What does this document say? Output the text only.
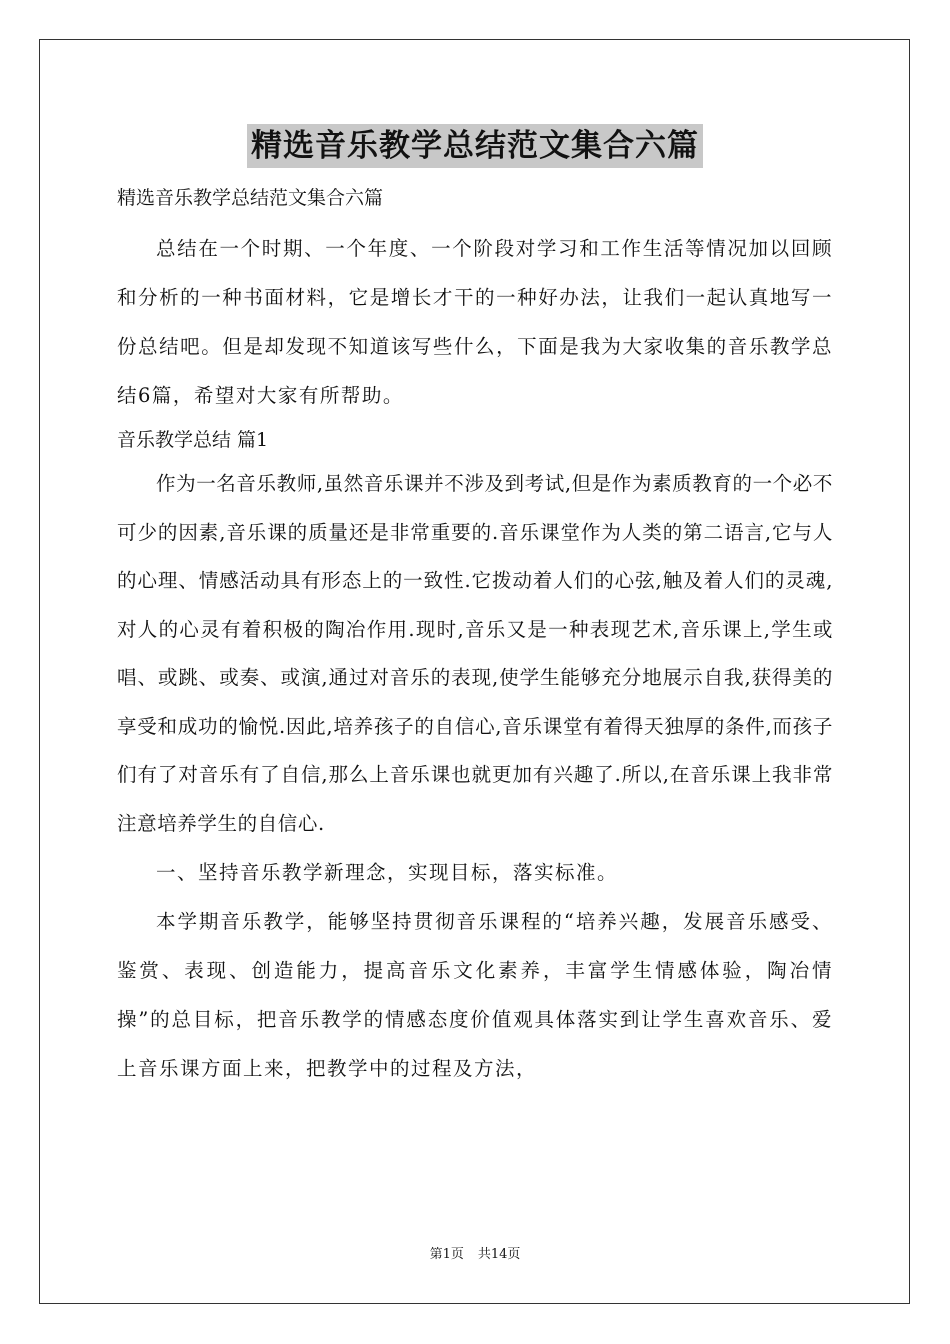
精选音乐教学总结范文集合六篇
精选音乐教学总结范文集合六篇

总结在一个时期、一个年度、一个阶段对学习和工作生活等情况加以回顾和分析的一种书面材料，它是增长才干的一种好办法，让我们一起认真地写一份总结吧。但是却发现不知道该写些什么，下面是我为大家收集的音乐教学总结6篇，希望对大家有所帮助。

音乐教学总结 篇1

作为一名音乐教师,虽然音乐课并不涉及到考试,但是作为素质教育的一个必不可少的因素,音乐课的质量还是非常重要的.音乐课堂作为人类的第二语言,它与人的心理、情感活动具有形态上的一致性.它拨动着人们的心弦,触及着人们的灵魂,对人的心灵有着积极的陶冶作用.现时,音乐又是一种表现艺术,音乐课上,学生或唱、或跳、或奏、或演,通过对音乐的表现,使学生能够充分地展示自我,获得美的享受和成功的愉悦.因此,培养孩子的自信心,音乐课堂有着得天独厚的条件,而孩子们有了对音乐有了自信,那么上音乐课也就更加有兴趣了.所以,在音乐课上我非常注意培养学生的自信心.

一、坚持音乐教学新理念，实现目标，落实标准。

本学期音乐教学，能够坚持贯彻音乐课程的“培养兴趣，发展音乐感受、鉴赏、表现、创造能力，提高音乐文化素养，丰富学生情感体验，陶冶情操”的总目标，把音乐教学的情感态度价值观具体落实到让学生喜欢音乐、爱上音乐课方面上来，把教学中的过程及方法，

第1页 共14页
